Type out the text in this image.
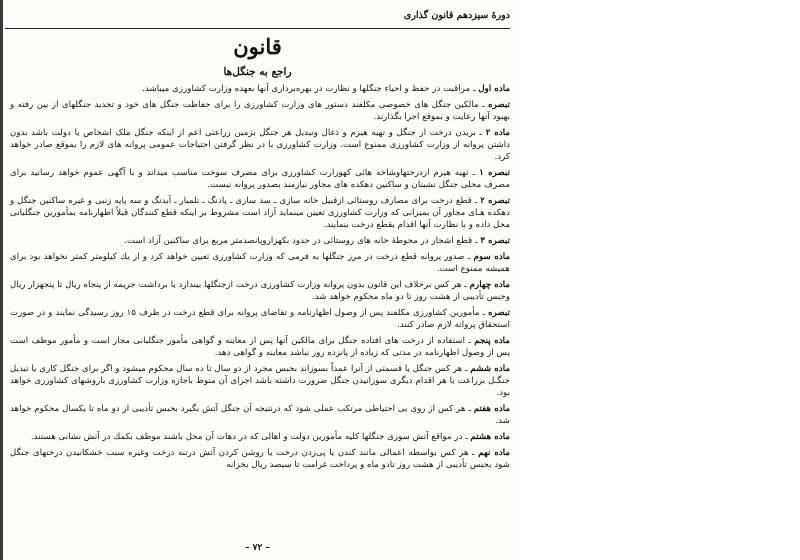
دورهٔ سیزدهم قانون گذاری
قانون
راجع به جنگل‌ها

ماده اول ـ مراقبت در حفظ و احیاء جنگلها و نظارت در بهره‌برداری آنها بعهده وزارت کشاورزی میباشد.

تبصره ـ مالکین جنگل های خصوصی مکلفند دستور های وزارت کشاورزی را برای حفاظت جنگل های خود و تجدید جنگلهای از بین رفته و بهبود آنها رعایت و بموقع اجرا بگذارند.

ماده ۲ ـ بریدن درخت از جنگل و تهیه هیزم و ذغال وتبدیل هر جنگل بزمین زراعتی اعم از اینکه جنگل ملک اشخاص یا دولت باشد بدون داشتن پروانه از وزارت کشاورزی ممنوع است. وزارت کشاورزی با در نظر گرفتن احتیاجات عمومی پروانه های لازم را بموقع صادر خواهد کرد.

تبصره ۱ ـ تهیه هیزم ازدرختهاوشاخه هائی کهوزارت کشاورزی برای مصرف سوخت مناسب میداند و با آگهی عموم خواهد رسانید برای مصرف محلی جنگل نشینان و ساکنین دهکده های مجاور نیازمند بصدور پروانه نیست.

تبصره ۲ ـ قطع درخت برای مصارف روستائی ازقبیل خانه سازی ـ سد سازی ـ پادنگ ـ تلمبار ـ آبدنگ و سه پایه زنبی و غیره ساکنین جنگل و دهکده هـای مجاور آن بمیزانی که وزارت کشاورزی تعیین مینماید آزاد است مشروط بر اینکه قطع کنندگان قبلاً اظهارنامه بمأمورین جنگلبانی محل داده و با نظارت آنها اقدام بقطع درخت بنمایند.

تبصره ۳ ـ قطع اشجار در محوطهٔ خانه های روستائی در حدود بکهزاروپانصدمتر مربع برای ساکنین آزاد است.

ماده سوم ـ صدور پروانه قطع درخت در مرز جنگلها به فرمی که وزارت کشاورزی تعیین خواهد کرد و از یك کیلومتر کمتر نخواهد بود برای همیشه ممنوع است.

ماده چهارم ـ هر کس برخلاف این قانون بدون پروانه وزارت کشاورزی درخت ازجنگلها بیندازد یا برداشت جریمه از پنجاه ریال تا پنجهزار ریال وحبس تأدیبی از هشت روز تا دو ماه محکوم خواهد شد.

تبصره ـ مأمورین کشاورزی مکلفند پس از وصول اظهارنامه و تقاضای پروانه برای قطع درخت در ظرف ۱۵ روز رسیدگی نمایند و در صورت استحقاق پروانه لازم صادر کنند.

ماده پنجم ـ استفاده از درخت های افتاده جنگل برای مالکین آنها پس از معاینه و گواهی مأمور جنگلبانی مجاز است و مأمور موظف است پس از وصول اظهارنامه در مدتی که زیاده از پانزده روز نباشد معاینه و گواهی دهد.

ماده ششم ـ هر کس جنگل یا قسمتی از آنرا عمداً بسوزاند بحبس مجرد از دو سال تا ده سال محکوم میشود و اگر برای جنگل کاری یا تبدیل جنگـل بزراعت یا هر اقدام دیگری سوزانیدن جنگل ضرورت داشته باشد اجرای آن منوط باجازه وزارت کشاورزی باروشهای کشاورزی خواهد بود.

ماده هفتم ـ هر کس از روی بی احتیاطی مرتکب عملی شود که درنتیجه آن جنگل آتش بگیرد بحبس تأدیبی از دو ماه تا یکسال محکوم خواهد شد.

ماده هشتم ـ در مواقع آتش سوزی جنگلها کلیه مأمورین دولت و اهالی که در دهات آن محل باشند موظف بکمك در آتش نشانی هستند.

ماده نهم ـ هر کس بواسطه اعمالی مانند کندن یا پی‌زدن درخت یا روشن کردن آتش درتنه درخت وغیره سبب خشکانیدن درختهای جنگل شود بحبس تأدیبی از هشت روز تادو ماه و پرداخت غرامت تا سیصد ریال بخزانه

– ۷۲ –
